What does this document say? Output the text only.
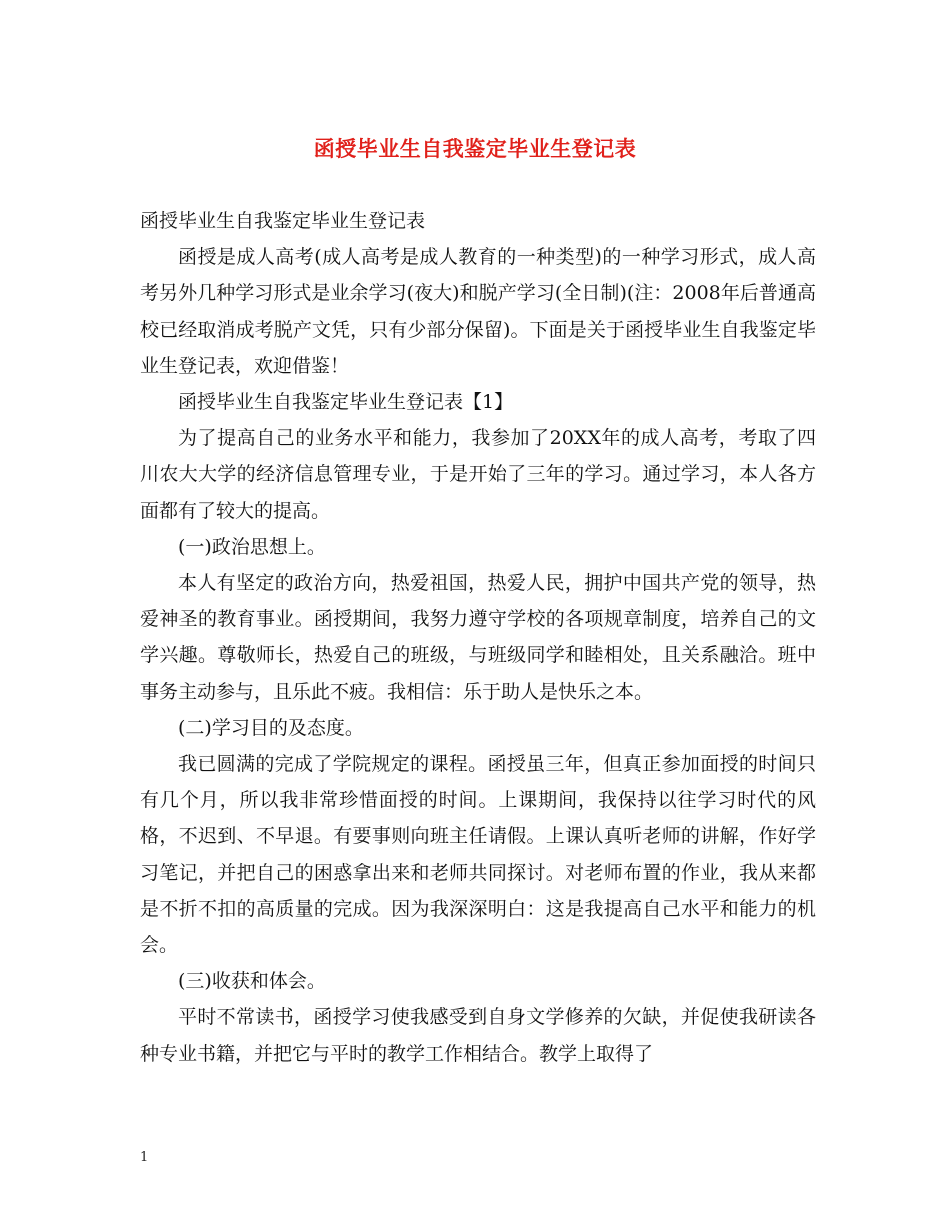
函授毕业生自我鉴定毕业生登记表

函授毕业生自我鉴定毕业生登记表

函授是成人高考(成人高考是成人教育的一种类型)的一种学习形式，成人高考另外几种学习形式是业余学习(夜大)和脱产学习(全日制)(注：2008年后普通高校已经取消成考脱产文凭，只有少部分保留)。下面是关于函授毕业生自我鉴定毕业生登记表，欢迎借鉴！

函授毕业生自我鉴定毕业生登记表【1】

为了提高自己的业务水平和能力，我参加了20XX年的成人高考，考取了四川农大大学的经济信息管理专业，于是开始了三年的学习。通过学习，本人各方面都有了较大的提高。

(一)政治思想上。

本人有坚定的政治方向，热爱祖国，热爱人民，拥护中国共产党的领导，热爱神圣的教育事业。函授期间，我努力遵守学校的各项规章制度，培养自己的文学兴趣。尊敬师长，热爱自己的班级，与班级同学和睦相处，且关系融洽。班中事务主动参与，且乐此不疲。我相信：乐于助人是快乐之本。

(二)学习目的及态度。

我已圆满的完成了学院规定的课程。函授虽三年，但真正参加面授的时间只有几个月，所以我非常珍惜面授的时间。上课期间，我保持以往学习时代的风格，不迟到、不早退。有要事则向班主任请假。上课认真听老师的讲解，作好学习笔记，并把自己的困惑拿出来和老师共同探讨。对老师布置的作业，我从来都是不折不扣的高质量的完成。因为我深深明白：这是我提高自己水平和能力的机会。

(三)收获和体会。

平时不常读书，函授学习使我感受到自身文学修养的欠缺，并促使我研读各种专业书籍，并把它与平时的教学工作相结合。教学上取得了

1
